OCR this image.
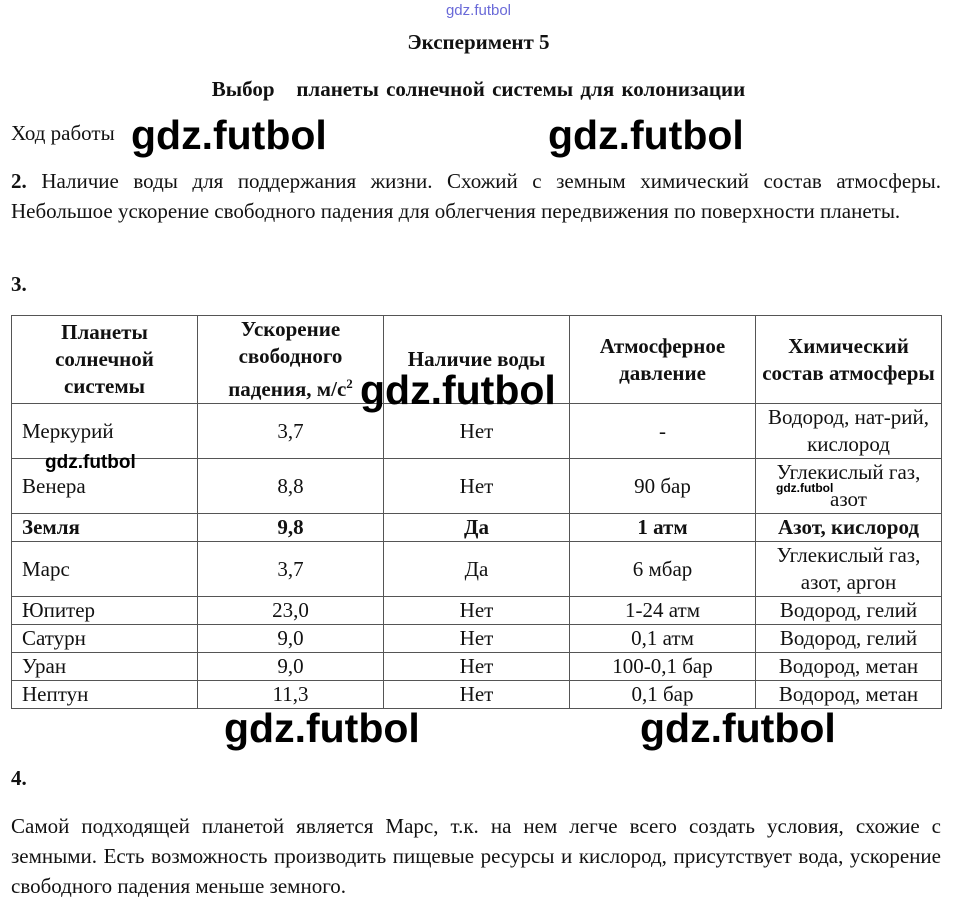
gdz.futbol
Эксперимент 5
Выбор   планеты солнечной системы для колонизации
Ход работы
2. Наличие воды для поддержания жизни. Схожий с земным химический состав атмосферы. Небольшое ускорение свободного падения для облегчения передвижения по поверхности планеты.
3.
Планеты солнечной системы	Ускорение свободного падения, $м/с^2$	Наличие воды	Атмосферное давление	Химический состав атмосферы
Меркурий	3,7	Нет	-	Водород, нат-рий, кислород
Венера	8,8	Нет	90 бар	Углекислый газ, азот
Земля	9,8	Да	1 атм	Азот, кислород
Марс	3,7	Да	6 мбар	Углекислый газ, азот, аргон
Юпитер	23,0	Нет	1-24 атм	Водород, гелий
Сатурн	9,0	Нет	0,1 атм	Водород, гелий
Уран	9,0	Нет	100-0,1 бар	Водород, метан
Нептун	11,3	Нет	0,1 бар	Водород, метан
4.
Самой подходящей планетой является Марс, т.к. на нем легче всего создать условия, схожие с земными. Есть возможность производить пищевые ресурсы и кислород, присутствует вода, ускорение свободного падения меньше земного.
gdz.futbol	gdz.futbol
gdz.futbol
gdz.futbol
gdz.futbol
gdz.futbol	gdz.futbol
